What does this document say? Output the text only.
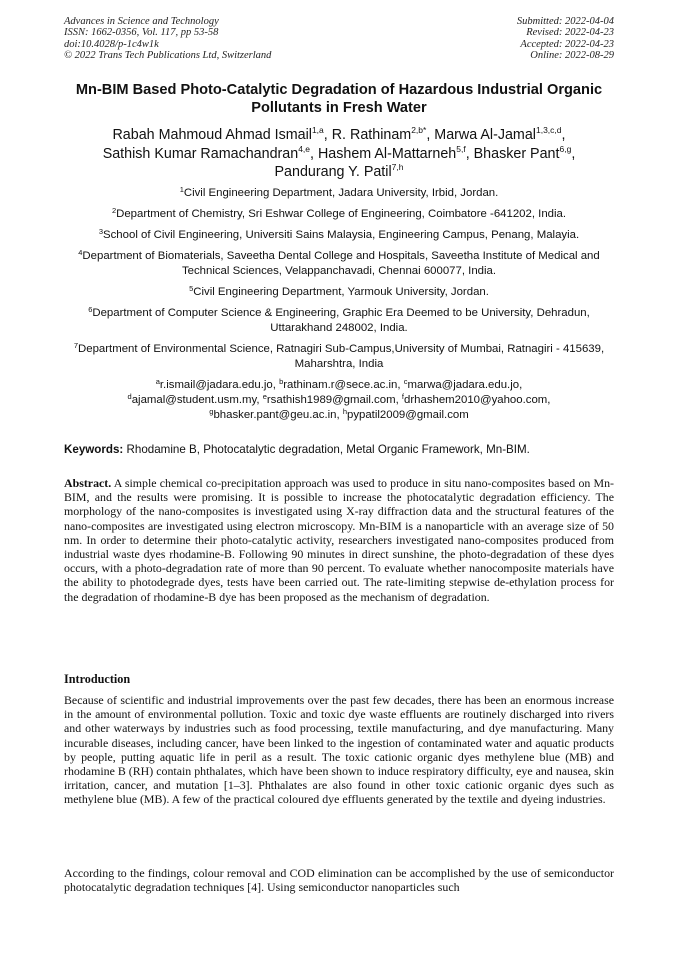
Advances in Science and Technology
ISSN: 1662-0356, Vol. 117, pp 53-58
doi:10.4028/p-1c4w1k
© 2022 Trans Tech Publications Ltd, Switzerland
Submitted: 2022-04-04
Revised: 2022-04-23
Accepted: 2022-04-23
Online: 2022-08-29
Mn-BIM Based Photo-Catalytic Degradation of Hazardous Industrial Organic Pollutants in Fresh Water
Rabah Mahmoud Ahmad Ismail$^{1,a}$, R. Rathinam$^{2,b*}$, Marwa Al-Jamal$^{1,3,c,d}$,
Sathish Kumar Ramachandran$^{4,e}$, Hashem Al-Mattarneh$^{5,f}$, Bhasker Pant$^{6,g}$,
Pandurang Y. Patil$^{7,h}$
$^1$Civil Engineering Department, Jadara University, Irbid, Jordan.
$^2$Department of Chemistry, Sri Eshwar College of Engineering, Coimbatore -641202, India.
$^3$School of Civil Engineering, Universiti Sains Malaysia, Engineering Campus, Penang, Malayia.
$^4$Department of Biomaterials, Saveetha Dental College and Hospitals, Saveetha Institute of Medical and Technical Sciences, Velappanchavadi, Chennai 600077, India.
$^5$Civil Engineering Department, Yarmouk University, Jordan.
$^6$Department of Computer Science & Engineering, Graphic Era Deemed to be University, Dehradun, Uttarakhand 248002, India.
$^7$Department of Environmental Science, Ratnagiri Sub-Campus,University of Mumbai, Ratnagiri - 415639, Maharshtra, India
$^a$r.ismail@jadara.edu.jo, $^b$rathinam.r@sece.ac.in, $^c$marwa@jadara.edu.jo,
$^d$ajamal@student.usm.my, $^e$rsathish1989@gmail.com, $^f$drhashem2010@yahoo.com,
$^g$bhasker.pant@geu.ac.in, $^h$pypatil2009@gmail.com
Keywords: Rhodamine B, Photocatalytic degradation, Metal Organic Framework, Mn-BIM.
Abstract. A simple chemical co-precipitation approach was used to produce in situ nano-composites based on Mn-BIM, and the results were promising. It is possible to increase the photocatalytic degradation efficiency. The morphology of the nano-composites is investigated using X-ray diffraction data and the structural features of the nano-composites are investigated using electron microscopy. Mn-BIM is a nanoparticle with an average size of 50 nm. In order to determine their photo-catalytic activity, researchers investigated nano-composites produced from industrial waste dyes rhodamine-B. Following 90 minutes in direct sunshine, the photo-degradation of these dyes occurs, with a photo-degradation rate of more than 90 percent. To evaluate whether nanocomposite materials have the ability to photodegrade dyes, tests have been carried out. The rate-limiting stepwise de-ethylation process for the degradation of rhodamine-B dye has been proposed as the mechanism of degradation.
Introduction
Because of scientific and industrial improvements over the past few decades, there has been an enormous increase in the amount of environmental pollution. Toxic and toxic dye waste effluents are routinely discharged into rivers and other waterways by industries such as food processing, textile manufacturing, and dye manufacturing. Many incurable diseases, including cancer, have been linked to the ingestion of contaminated water and aquatic products by people, putting aquatic life in peril as a result. The toxic cationic organic dyes methylene blue (MB) and rhodamine B (RH) contain phthalates, which have been shown to induce respiratory difficulty, eye and nausea, skin irritation, cancer, and mutation [1–3]. Phthalates are also found in other toxic cationic organic dyes such as methylene blue (MB). A few of the practical coloured dye effluents generated by the textile and dyeing industries.
According to the findings, colour removal and COD elimination can be accomplished by the use of semiconductor photocatalytic degradation techniques [4]. Using semiconductor nanoparticles such
